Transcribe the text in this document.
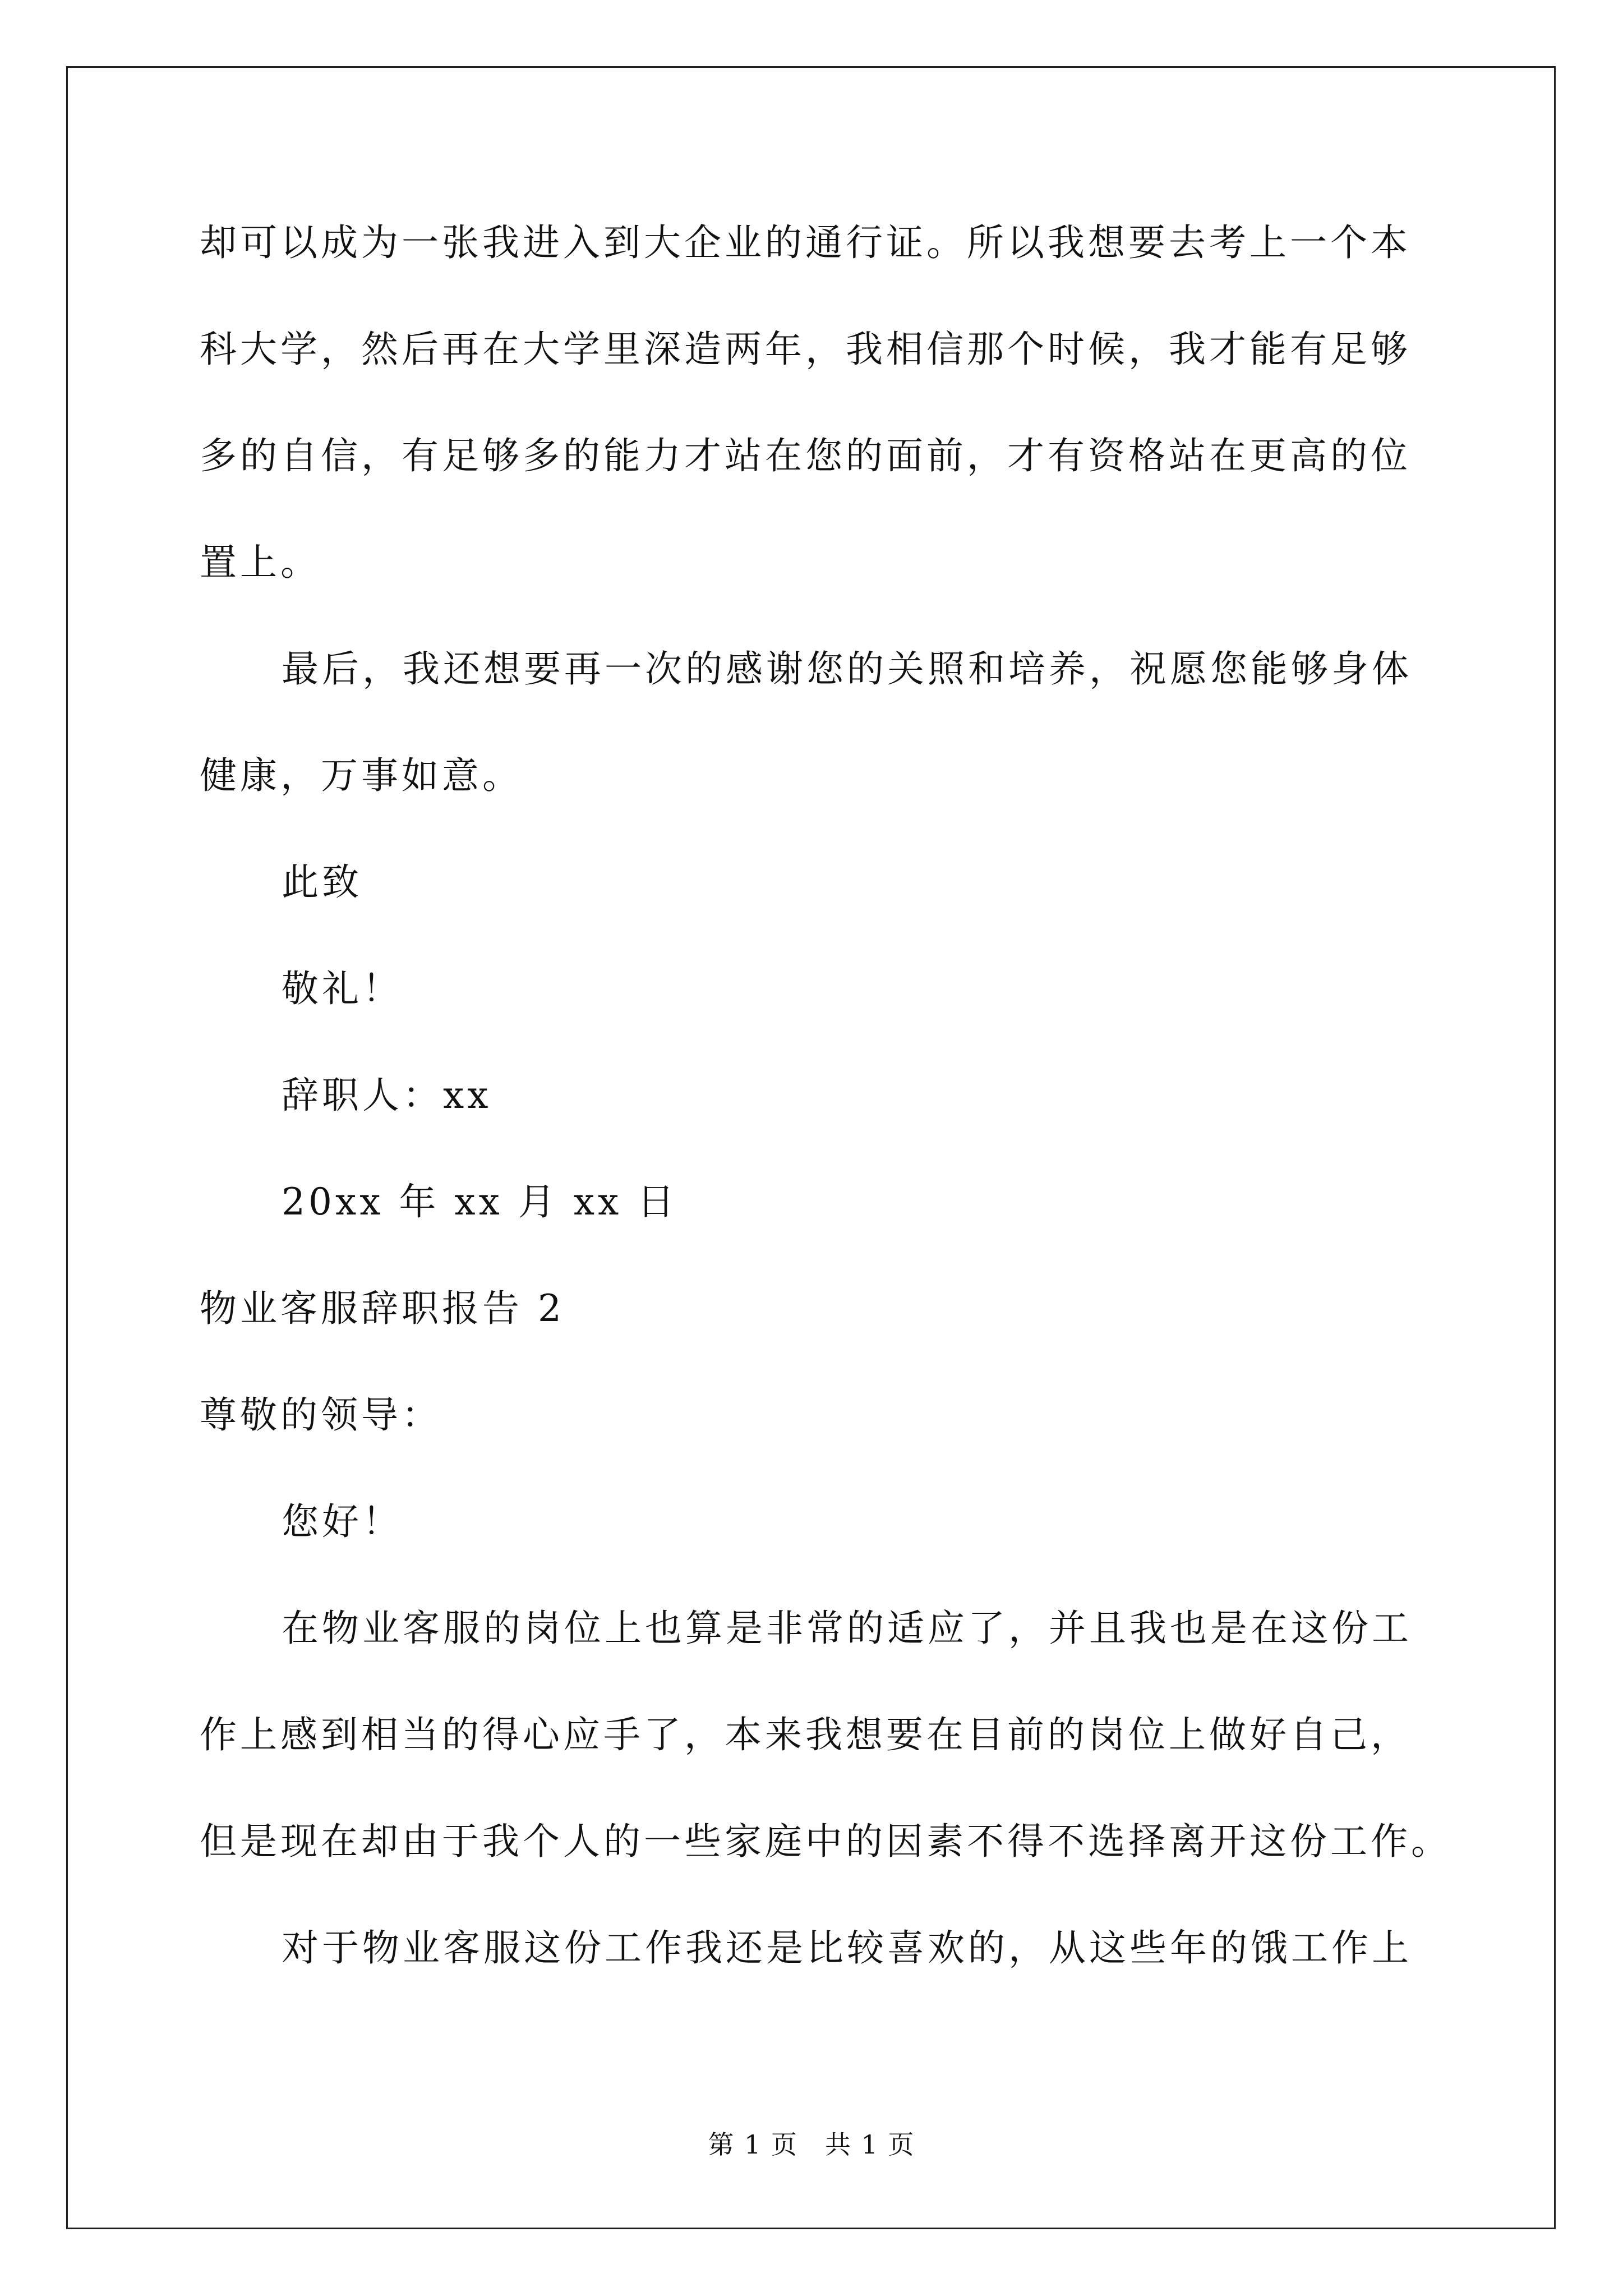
却可以成为一张我进入到大企业的通行证。所以我想要去考上一个本
科大学，然后再在大学里深造两年，我相信那个时候，我才能有足够
多的自信，有足够多的能力才站在您的面前，才有资格站在更高的位
置上。
最后，我还想要再一次的感谢您的关照和培养，祝愿您能够身体
健康，万事如意。
此致
敬礼！
辞职人：xx
20xx 年 xx 月 xx 日
物业客服辞职报告 2
尊敬的领导：
您好！
在物业客服的岗位上也算是非常的适应了，并且我也是在这份工
作上感到相当的得心应手了，本来我想要在目前的岗位上做好自己，
但是现在却由于我个人的一些家庭中的因素不得不选择离开这份工作。
对于物业客服这份工作我还是比较喜欢的，从这些年的饿工作上
第 1 页　共 1 页
